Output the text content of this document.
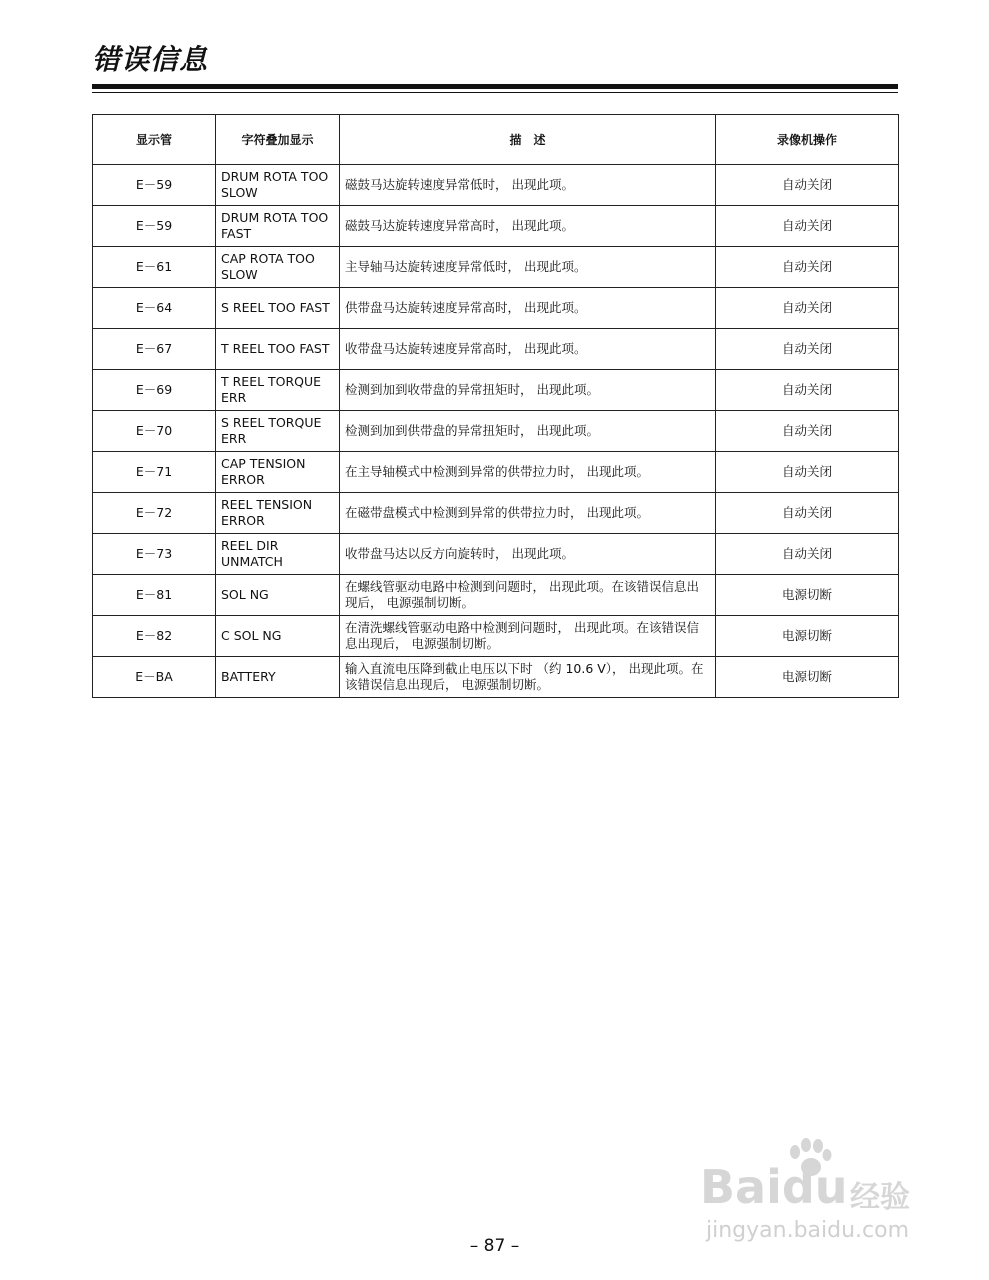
错误信息
显示管	字符叠加显示	描　述	录像机操作
E－59	DRUM ROTA TOO SLOW	磁鼓马达旋转速度异常低时， 出现此项。	自动关闭
E－59	DRUM ROTA TOO FAST	磁鼓马达旋转速度异常高时， 出现此项。	自动关闭
E－61	CAP ROTA TOO SLOW	主导轴马达旋转速度异常低时， 出现此项。	自动关闭
E－64	S REEL TOO FAST	供带盘马达旋转速度异常高时， 出现此项。	自动关闭
E－67	T REEL TOO FAST	收带盘马达旋转速度异常高时， 出现此项。	自动关闭
E－69	T REEL TORQUE ERR	检测到加到收带盘的异常扭矩时， 出现此项。	自动关闭
E－70	S REEL TORQUE ERR	检测到加到供带盘的异常扭矩时， 出现此项。	自动关闭
E－71	CAP TENSION ERROR	在主导轴模式中检测到异常的供带拉力时， 出现此项。	自动关闭
E－72	REEL TENSION ERROR	在磁带盘模式中检测到异常的供带拉力时， 出现此项。	自动关闭
E－73	REEL DIR UNMATCH	收带盘马达以反方向旋转时， 出现此项。	自动关闭
E－81	SOL NG	在螺线管驱动电路中检测到问题时， 出现此项。在该错误信息出现后， 电源强制切断。	电源切断
E－82	C SOL NG	在清洗螺线管驱动电路中检测到问题时， 出现此项。在该错误信息出现后， 电源强制切断。	电源切断
E－BA	BATTERY	输入直流电压降到截止电压以下时 （约 10.6 V）， 出现此项。在该错误信息出现后， 电源强制切断。	电源切断
Baidu 经验
jingyan.baidu.com
– 87 –
